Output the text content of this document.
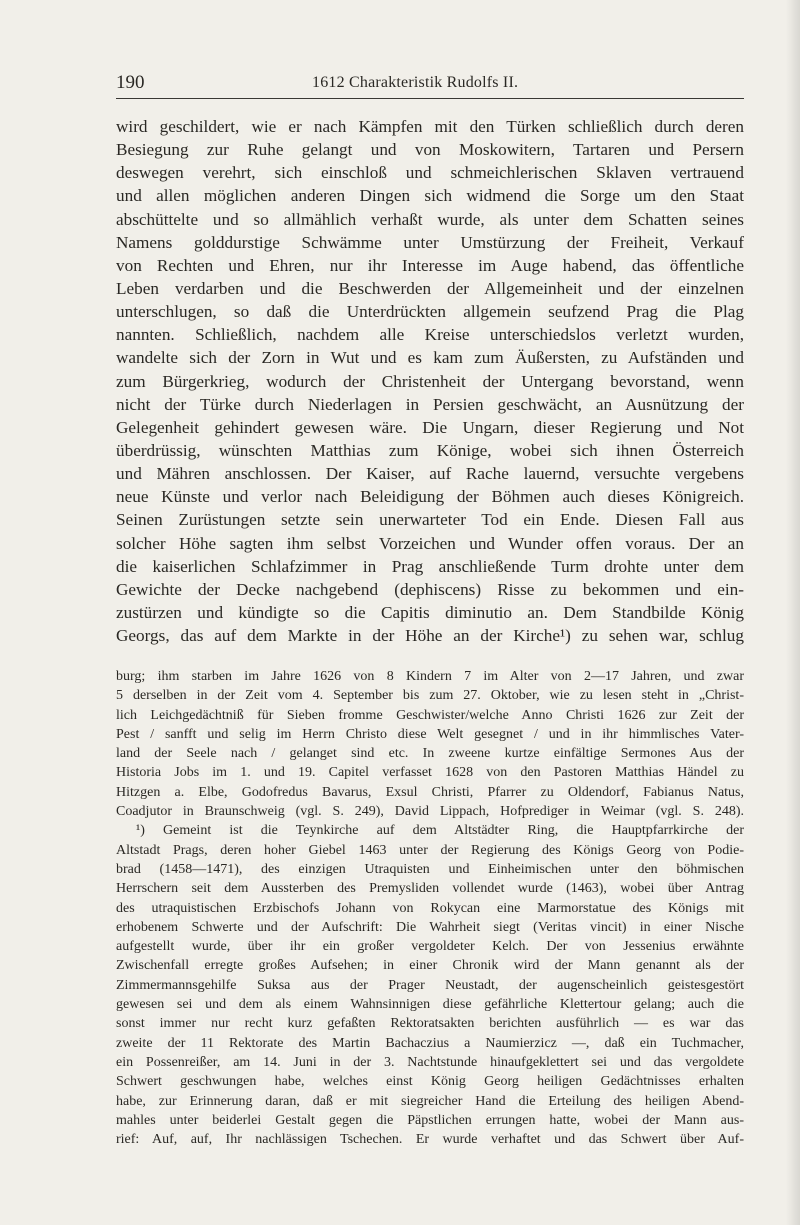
190	1612 Charakteristik Rudolfs II.
wird geschildert, wie er nach Kämpfen mit den Türken schließlich durch deren
Besiegung zur Ruhe gelangt und von Moskowitern, Tartaren und Persern
deswegen verehrt, sich einschloß und schmeichlerischen Sklaven vertrauend
und allen möglichen anderen Dingen sich widmend die Sorge um den Staat
abschüttelte und so allmählich verhaßt wurde, als unter dem Schatten seines
Namens golddurstige Schwämme unter Umstürzung der Freiheit, Verkauf
von Rechten und Ehren, nur ihr Interesse im Auge habend, das öffentliche
Leben verdarben und die Beschwerden der Allgemeinheit und der einzelnen
unterschlugen, so daß die Unterdrückten allgemein seufzend Prag die Plag
nannten. Schließlich, nachdem alle Kreise unterschiedslos verletzt wurden,
wandelte sich der Zorn in Wut und es kam zum Äußersten, zu Aufständen und
zum Bürgerkrieg, wodurch der Christenheit der Untergang bevorstand, wenn
nicht der Türke durch Niederlagen in Persien geschwächt, an Ausnützung der
Gelegenheit gehindert gewesen wäre. Die Ungarn, dieser Regierung und Not
überdrüssig, wünschten Matthias zum Könige, wobei sich ihnen Österreich
und Mähren anschlossen. Der Kaiser, auf Rache lauernd, versuchte vergebens
neue Künste und verlor nach Beleidigung der Böhmen auch dieses Königreich.
Seinen Zurüstungen setzte sein unerwarteter Tod ein Ende. Diesen Fall aus
solcher Höhe sagten ihm selbst Vorzeichen und Wunder offen voraus. Der an
die kaiserlichen Schlafzimmer in Prag anschließende Turm drohte unter dem
Gewichte der Decke nachgebend (dephiscens) Risse zu bekommen und ein-
zustürzen und kündigte so die Capitis diminutio an. Dem Standbilde König
Georgs, das auf dem Markte in der Höhe an der Kirche¹) zu sehen war, schlug
burg; ihm starben im Jahre 1626 von 8 Kindern 7 im Alter von 2—17 Jahren, und zwar
5 derselben in der Zeit vom 4. September bis zum 27. Oktober, wie zu lesen steht in „Christ-
lich Leichgedächtniß für Sieben fromme Geschwister/welche Anno Christi 1626 zur Zeit der
Pest / sanfft und selig im Herrn Christo diese Welt gesegnet / und in ihr himmlisches Vater-
land der Seele nach / gelanget sind etc. In zweene kurtze einfältige Sermones Aus der
Historia Jobs im 1. und 19. Capitel verfasset 1628 von den Pastoren Matthias Händel zu
Hitzgen a. Elbe, Godofredus Bavarus, Exsul Christi, Pfarrer zu Oldendorf, Fabianus Natus,
Coadjutor in Braunschweig (vgl. S. 249), David Lippach, Hofprediger in Weimar (vgl. S. 248).
¹) Gemeint ist die Teynkirche auf dem Altstädter Ring, die Hauptpfarrkirche der
Altstadt Prags, deren hoher Giebel 1463 unter der Regierung des Königs Georg von Podie-
brad (1458—1471), des einzigen Utraquisten und Einheimischen unter den böhmischen
Herrschern seit dem Aussterben des Premysliden vollendet wurde (1463), wobei über Antrag
des utraquistischen Erzbischofs Johann von Rokycan eine Marmorstatue des Königs mit
erhobenem Schwerte und der Aufschrift: Die Wahrheit siegt (Veritas vincit) in einer Nische
aufgestellt wurde, über ihr ein großer vergoldeter Kelch. Der von Jessenius erwähnte
Zwischenfall erregte großes Aufsehen; in einer Chronik wird der Mann genannt als der
Zimmermannsgehilfe Suksa aus der Prager Neustadt, der augenscheinlich geistesgestört
gewesen sei und dem als einem Wahnsinnigen diese gefährliche Klettertour gelang; auch die
sonst immer nur recht kurz gefaßten Rektoratsakten berichten ausführlich — es war das
zweite der 11 Rektorate des Martin Bachaczius a Naumierzicz —, daß ein Tuchmacher,
ein Possenreißer, am 14. Juni in der 3. Nachtstunde hinaufgeklettert sei und das vergoldete
Schwert geschwungen habe, welches einst König Georg heiligen Gedächtnisses erhalten
habe, zur Erinnerung daran, daß er mit siegreicher Hand die Erteilung des heiligen Abend-
mahles unter beiderlei Gestalt gegen die Päpstlichen errungen hatte, wobei der Mann aus-
rief: Auf, auf, Ihr nachlässigen Tschechen. Er wurde verhaftet und das Schwert über Auf-
